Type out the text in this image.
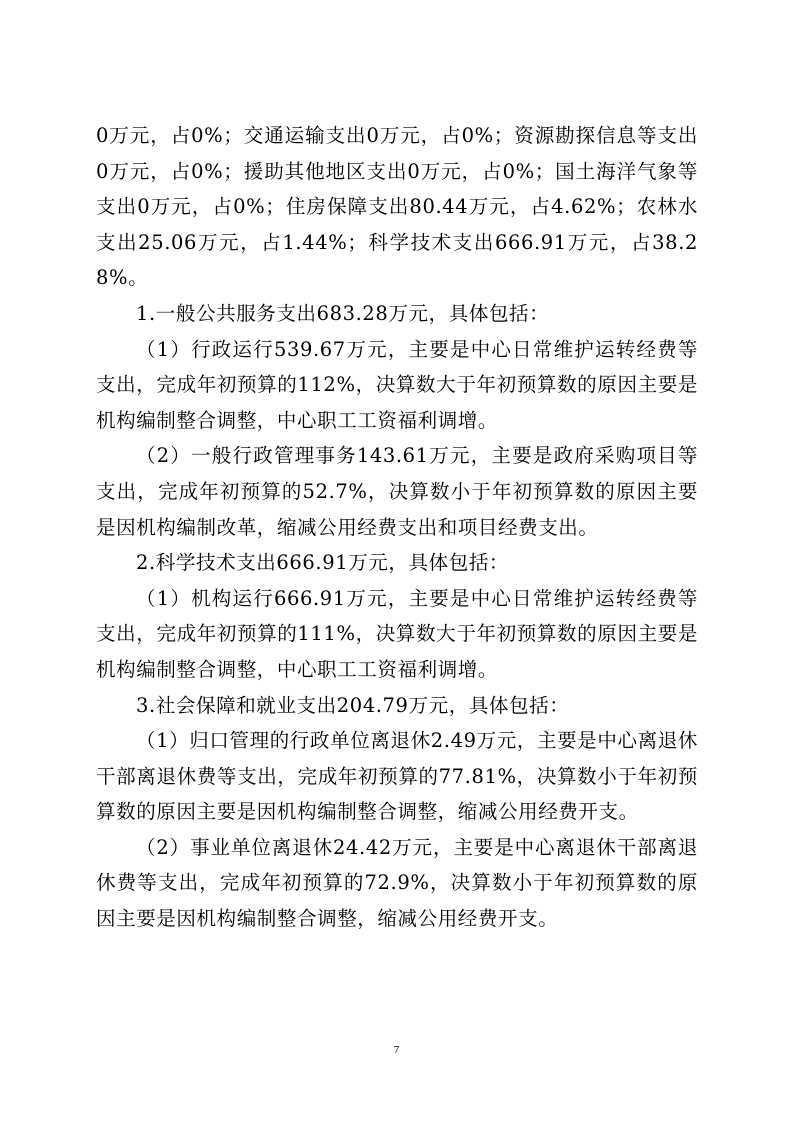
0万元，占0%；交通运输支出0万元，占0%；资源勘探信息等支出0万元，占0%；援助其他地区支出0万元，占0%；国土海洋气象等支出0万元，占0%；住房保障支出80.44万元，占4.62%；农林水支出25.06万元，占1.44%；科学技术支出666.91万元，占38.28%。

1.一般公共服务支出683.28万元，具体包括：

（1）行政运行539.67万元，主要是中心日常维护运转经费等支出，完成年初预算的112%，决算数大于年初预算数的原因主要是机构编制整合调整，中心职工工资福利调增。

（2）一般行政管理事务143.61万元，主要是政府采购项目等支出，完成年初预算的52.7%，决算数小于年初预算数的原因主要是因机构编制改革，缩减公用经费支出和项目经费支出。

2.科学技术支出666.91万元，具体包括：

（1）机构运行666.91万元，主要是中心日常维护运转经费等支出，完成年初预算的111%，决算数大于年初预算数的原因主要是机构编制整合调整，中心职工工资福利调增。

3.社会保障和就业支出204.79万元，具体包括：

（1）归口管理的行政单位离退休2.49万元，主要是中心离退休干部离退休费等支出，完成年初预算的77.81%，决算数小于年初预算数的原因主要是因机构编制整合调整，缩减公用经费开支。

（2）事业单位离退休24.42万元，主要是中心离退休干部离退休费等支出，完成年初预算的72.9%，决算数小于年初预算数的原因主要是因机构编制整合调整，缩减公用经费开支。

7
